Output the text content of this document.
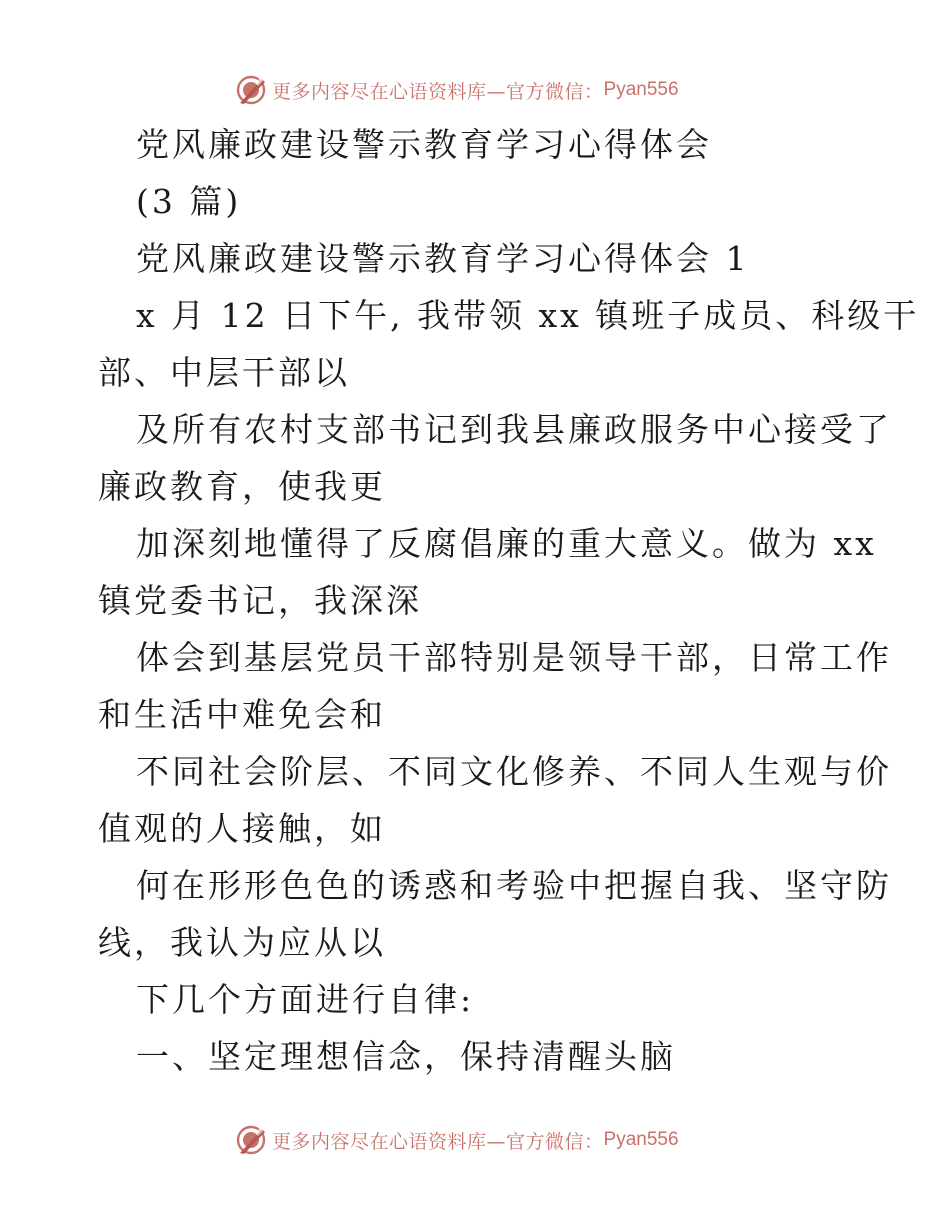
更多内容尽在心语资料库—官方微信： Pyan556
党风廉政建设警示教育学习心得体会
(3 篇)
党风廉政建设警示教育学习心得体会 1
x 月 12 日下午, 我带领 xx 镇班子成员、科级干
部、中层干部以
及所有农村支部书记到我县廉政服务中心接受了
廉政教育，使我更
加深刻地懂得了反腐倡廉的重大意义。做为 xx
镇党委书记，我深深
体会到基层党员干部特别是领导干部，日常工作
和生活中难免会和
不同社会阶层、不同文化修养、不同人生观与价
值观的人接触，如
何在形形色色的诱惑和考验中把握自我、坚守防
线，我认为应从以
下几个方面进行自律:
一、坚定理想信念，保持清醒头脑
更多内容尽在心语资料库—官方微信： Pyan556
